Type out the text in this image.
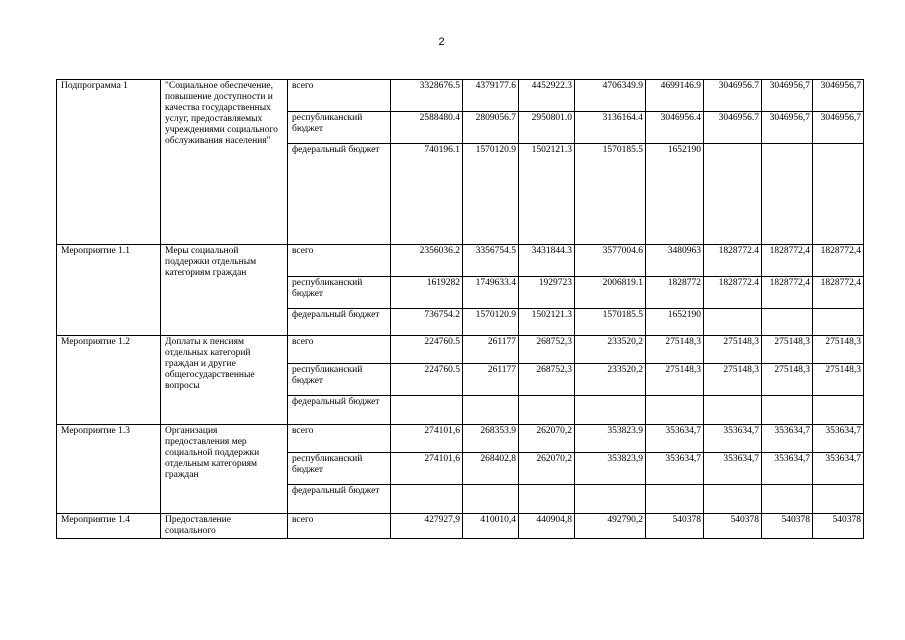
2
Подпрограмма 1	"Социальное обеспечение, повышение доступности и качества государственных услуг, предоставляемых учреждениями социального обслуживания населения"	всего	3328676.5	4379177.6	4452922.3	4706349.9	4699146.9	3046956.7	3046956,7	3046956,7
		республиканский бюджет	2588480.4	2809056.7	2950801.0	3136164.4	3046956.4	3046956.7	3046956,7	3046956,7
		федеральный бюджет	740196.1	1570120.9	1502121.3	1570185.5	1652190			
Мероприятие 1.1	Меры социальной поддержки отдельным категориям граждан	всего	2356036.2	3356754.5	3431844.3	3577004.6	3480963	1828772.4	1828772,4	1828772,4
		республиканский бюджет	1619282	1749633.4	1929723	2006819.1	1828772	1828772.4	1828772,4	1828772,4
		федеральный бюджет	736754.2	1570120.9	1502121.3	1570185.5	1652190			
Мероприятие 1.2	Доплаты к пенсиям отдельных категорий граждан и другие общегосударственные вопросы	всего	224760.5	261177	268752,3	233520,2	275148,3	275148,3	275148,3	275148,3
		республиканский бюджет	224760.5	261177	268752,3	233520,2	275148,3	275148,3	275148,3	275148,3
		федеральный бюджет								
Мероприятие 1.3	Организация предоставления мер социальной поддержки отдельным категориям граждан	всего	274101,6	268353.9	262070,2	353823.9	353634,7	353634,7	353634,7	353634,7
		республиканский бюджет	274101,6	268402,8	262070,2	353823,9	353634,7	353634,7	353634,7	353634,7
		федеральный бюджет								
Мероприятие 1.4	Предоставление социального	всего	427927,9	410010,4	440904,8	492790,2	540378	540378	540378	540378
